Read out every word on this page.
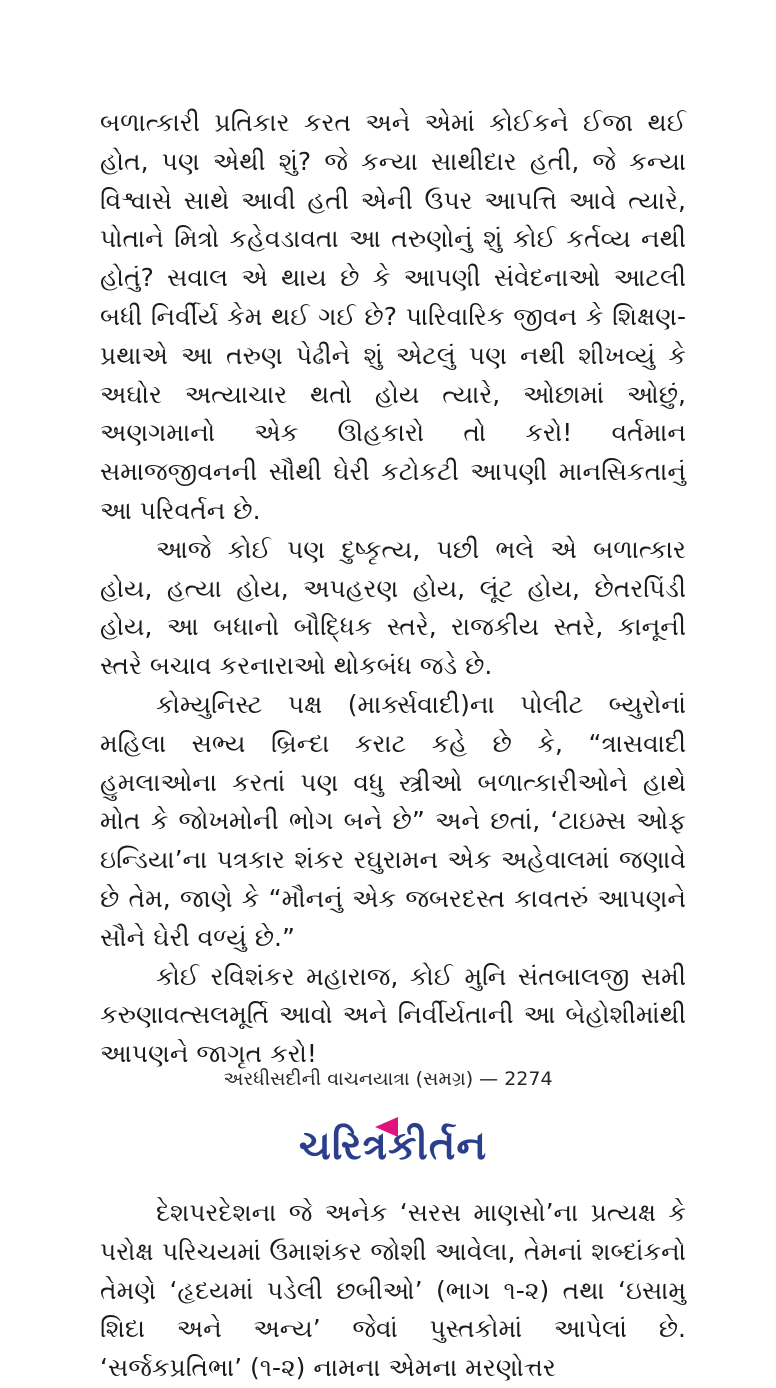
બળાત્કારી પ્રતિકાર કરત અને એમાં કોઈકને ઈજા થઈ હોત, પણ એથી શું? જે કન્યા સાથીદાર હતી, જે કન્યા વિશ્વાસે સાથે આવી હતી એની ઉપર આપત્તિ આવે ત્યારે, પોતાને મિત્રો કહેવડાવતા આ તરુણોનું શું કોઈ કર્તવ્ય નથી હોતું? સવાલ એ થાય છે કે આપણી સંવેદનાઓ આટલી બધી નિર્વીર્ય કેમ થઈ ગઈ છે? પારિવારિક જીવન કે શિક્ષણ-પ્રથાએ આ તરુણ પેઢીને શું એટલું પણ નથી શીખવ્યું કે અઘોર અત્યાચાર થતો હોય ત્યારે, ઓછામાં ઓછું, અણગમાનો એક ઊહકારો તો કરો! વર્તમાન સમાજજીવનની સૌથી ઘેરી કટોકટી આપણી માનસિકતાનું આ પરિવર્તન છે.

આજે કોઈ પણ દુષ્કૃત્ય, પછી ભલે એ બળાત્કાર હોય, હત્યા હોય, અપહરણ હોય, લૂંટ હોય, છેતરપિંડી હોય, આ બધાનો બૌદ્ધિક સ્તરે, રાજકીય સ્તરે, કાનૂની સ્તરે બચાવ કરનારાઓ થોકબંધ જડે છે.

કોમ્યુનિસ્ટ પક્ષ (માર્ક્સવાદી)ના પોલીટ બ્યુરોનાં મહિલા સભ્ય બ્રિન્દા કરાટ કહે છે કે, “ત્રાસવાદી હુમલાઓના કરતાં પણ વધુ સ્ત્રીઓ બળાત્કારીઓને હાથે મોત કે જોખમોની ભોગ બને છે” અને છતાં, ‘ટાઇમ્સ ઓફ ઇન્ડિયા’ના પત્રકાર શંકર રઘુરામન એક અહેવાલમાં જણાવે છે તેમ, જાણે કે “મૌનનું એક જબરદસ્ત કાવતરું આપણને સૌને ઘેરી વળ્યું છે.”

કોઈ રવિશંકર મહારાજ, કોઈ મુનિ સંતબાલજી સમી કરુણાવત્સલમૂર્તિ આવો અને નિર્વીર્યતાની આ બેહોશીમાંથી આપણને જાગૃત કરો!

ચરિત્રકીર્તન

દેશપરદેશના જે અનેક ‘સરસ માણસો’ના પ્રત્યક્ષ કે પરોક્ષ પરિચયમાં ઉમાશંકર જોશી આવેલા, તેમનાં શબ્દાંકનો તેમણે ‘હૃદયમાં પડેલી છબીઓ’ (ભાગ ૧-૨) તથા ‘ઇસામુ શિદા અને અન્ય’ જેવાં પુસ્તકોમાં આપેલાં છે. ‘સર્જકપ્રતિભા’ (૧-૨) નામના એમના મરણોત્તર

અરધીસદીની વાચનયાત્રા (સમગ્ર) — 2274
